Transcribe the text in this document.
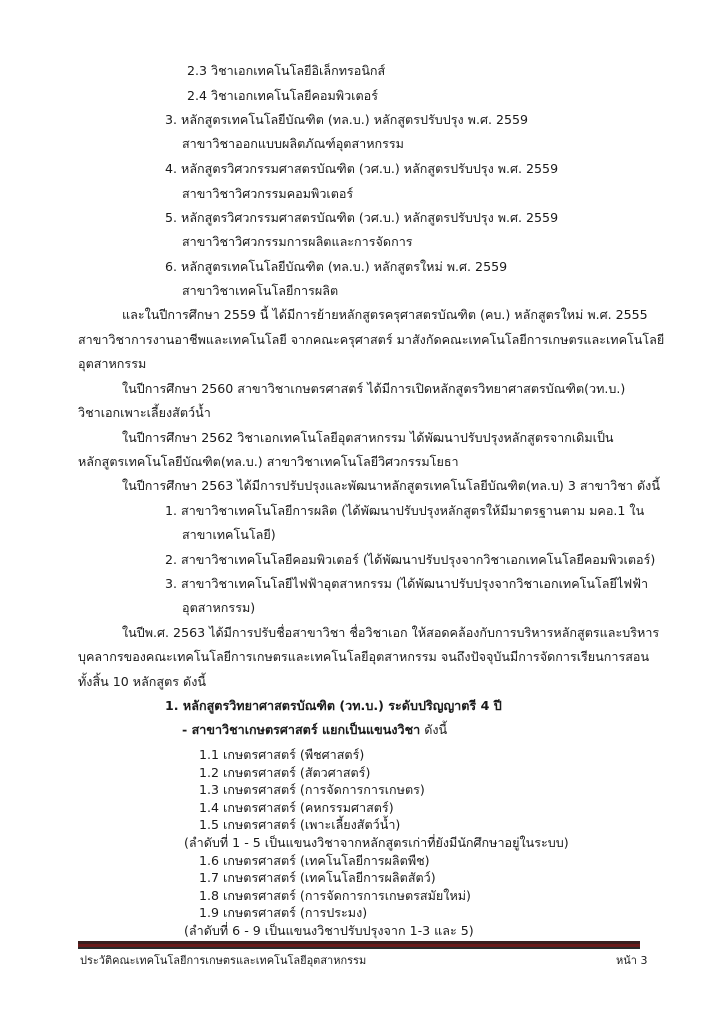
2.3 วิชาเอกเทคโนโลยีอิเล็กทรอนิกส์
2.4 วิชาเอกเทคโนโลยีคอมพิวเตอร์
3. หลักสูตรเทคโนโลยีบัณฑิต (ทล.บ.) หลักสูตรปรับปรุง พ.ศ. 2559
สาขาวิชาออกแบบผลิตภัณฑ์อุตสาหกรรม
4. หลักสูตรวิศวกรรมศาสตรบัณฑิต (วศ.บ.) หลักสูตรปรับปรุง พ.ศ. 2559
สาขาวิชาวิศวกรรมคอมพิวเตอร์
5. หลักสูตรวิศวกรรมศาสตรบัณฑิต (วศ.บ.) หลักสูตรปรับปรุง พ.ศ. 2559
สาขาวิชาวิศวกรรมการผลิตและการจัดการ
6. หลักสูตรเทคโนโลยีบัณฑิต (ทล.บ.) หลักสูตรใหม่ พ.ศ. 2559
สาขาวิชาเทคโนโลยีการผลิต
และในปีการศึกษา 2559 นี้ ได้มีการย้ายหลักสูตรครุศาสตรบัณฑิต (คบ.) หลักสูตรใหม่ พ.ศ. 2555
สาขาวิชาการงานอาชีพและเทคโนโลยี จากคณะครุศาสตร์ มาสังกัดคณะเทคโนโลยีการเกษตรและเทคโนโลยี
อุตสาหกรรม
ในปีการศึกษา 2560 สาขาวิชาเกษตรศาสตร์ ได้มีการเปิดหลักสูตรวิทยาศาสตรบัณฑิต(วท.บ.)
วิชาเอกเพาะเลี้ยงสัตว์น้ำ
ในปีการศึกษา 2562 วิชาเอกเทคโนโลยีอุตสาหกรรม ได้พัฒนาปรับปรุงหลักสูตรจากเดิมเป็น
หลักสูตรเทคโนโลยีบัณฑิต(ทล.บ.) สาขาวิชาเทคโนโลยีวิศวกรรมโยธา
ในปีการศึกษา 2563 ได้มีการปรับปรุงและพัฒนาหลักสูตรเทคโนโลยีบัณฑิต(ทล.บ) 3 สาขาวิชา ดังนี้
1. สาขาวิชาเทคโนโลยีการผลิต (ได้พัฒนาปรับปรุงหลักสูตรให้มีมาตรฐานตาม มคอ.1 ใน
สาขาเทคโนโลยี)
2. สาขาวิชาเทคโนโลยีคอมพิวเตอร์ (ได้พัฒนาปรับปรุงจากวิชาเอกเทคโนโลยีคอมพิวเตอร์)
3. สาขาวิชาเทคโนโลยีไฟฟ้าอุตสาหกรรม (ได้พัฒนาปรับปรุงจากวิชาเอกเทคโนโลยีไฟฟ้า
อุตสาหกรรม)
ในปีพ.ศ. 2563 ได้มีการปรับชื่อสาขาวิชา ชื่อวิชาเอก ให้สอดคล้องกับการบริหารหลักสูตรและบริหาร
บุคลากรของคณะเทคโนโลยีการเกษตรและเทคโนโลยีอุตสาหกรรม จนถึงปัจจุบันมีการจัดการเรียนการสอน
ทั้งสิ้น 10 หลักสูตร ดังนี้
1. หลักสูตรวิทยาศาสตรบัณฑิต (วท.บ.) ระดับปริญญาตรี 4 ปี
- สาขาวิชาเกษตรศาสตร์ แยกเป็นแขนงวิชา ดังนี้
1.1 เกษตรศาสตร์ (พืชศาสตร์)
1.2 เกษตรศาสตร์ (สัตวศาสตร์)
1.3 เกษตรศาสตร์ (การจัดการการเกษตร)
1.4 เกษตรศาสตร์ (คหกรรมศาสตร์)
1.5 เกษตรศาสตร์ (เพาะเลี้ยงสัตว์น้ำ)
(ลำดับที่ 1 - 5 เป็นแขนงวิชาจากหลักสูตรเก่าที่ยังมีนักศึกษาอยู่ในระบบ)
1.6 เกษตรศาสตร์ (เทคโนโลยีการผลิตพืช)
1.7 เกษตรศาสตร์ (เทคโนโลยีการผลิตสัตว์)
ประวัติคณะเทคโนโลยีการเกษตรและเทคโนโลยีอุตสาหกรรม	หน้า 3
1.8 เกษตรศาสตร์ (การจัดการการเกษตรสมัยใหม่)
1.9 เกษตรศาสตร์ (การประมง)
(ลำดับที่ 6 - 9 เป็นแขนงวิชาปรับปรุงจาก 1-3 และ 5)
